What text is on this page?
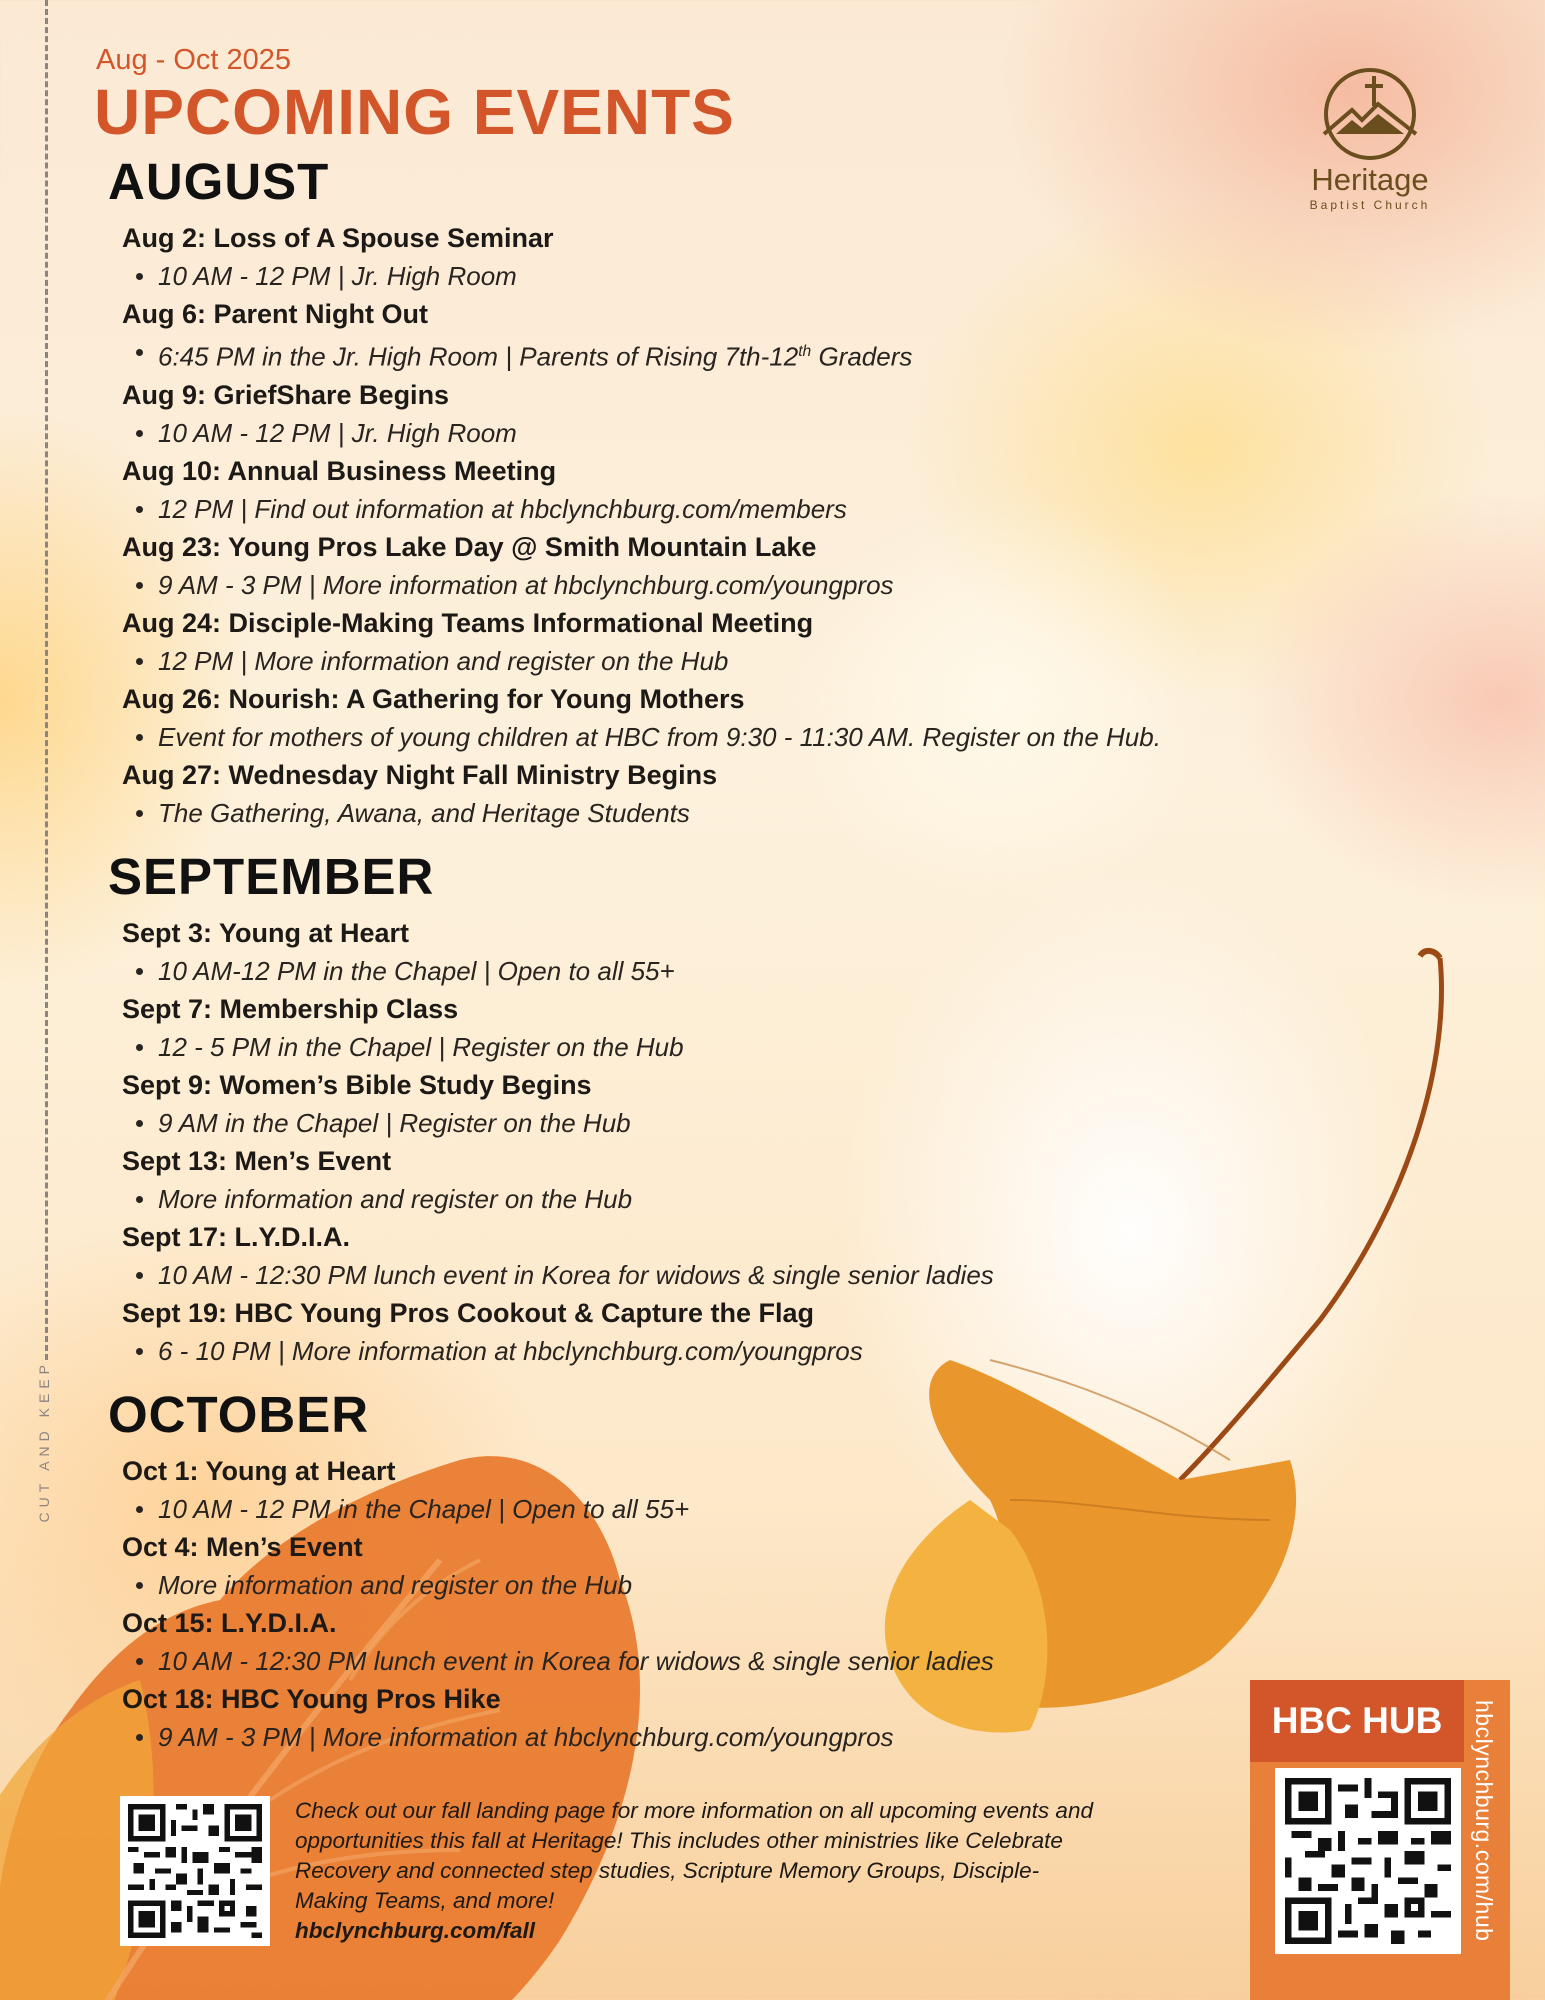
CUT AND KEEP
Aug - Oct 2025
UPCOMING EVENTS
Heritage
Baptist Church
AUGUST
Aug 2: Loss of A Spouse Seminar
10 AM - 12 PM | Jr. High Room
Aug 6: Parent Night Out
6:45 PM in the Jr. High Room | Parents of Rising 7th-12th Graders
Aug 9: GriefShare Begins
10 AM - 12 PM | Jr. High Room
Aug 10: Annual Business Meeting
12 PM | Find out information at hbclynchburg.com/members
Aug 23: Young Pros Lake Day @ Smith Mountain Lake
9 AM - 3 PM | More information at hbclynchburg.com/youngpros
Aug 24: Disciple-Making Teams Informational Meeting
12 PM | More information and register on the Hub
Aug 26: Nourish: A Gathering for Young Mothers
Event for mothers of young children at HBC from 9:30 - 11:30 AM. Register on the Hub.
Aug 27: Wednesday Night Fall Ministry Begins
The Gathering, Awana, and Heritage Students
SEPTEMBER
Sept 3: Young at Heart
10 AM-12 PM in the Chapel | Open to all 55+
Sept 7: Membership Class
12 - 5 PM in the Chapel | Register on the Hub
Sept 9: Women’s Bible Study Begins
9 AM in the Chapel | Register on the Hub
Sept 13: Men’s Event
More information and register on the Hub
Sept 17: L.Y.D.I.A.
10 AM - 12:30 PM lunch event in Korea for widows & single senior ladies
Sept 19: HBC Young Pros Cookout & Capture the Flag
6 - 10 PM | More information at hbclynchburg.com/youngpros
OCTOBER
Oct 1: Young at Heart
10 AM - 12 PM in the Chapel | Open to all 55+
Oct 4: Men’s Event
More information and register on the Hub
Oct 15: L.Y.D.I.A.
10 AM - 12:30 PM lunch event in Korea for widows & single senior ladies
Oct 18: HBC Young Pros Hike
9 AM - 3 PM | More information at hbclynchburg.com/youngpros
Check out our fall landing page for more information on all upcoming events and opportunities this fall at Heritage! This includes other ministries like Celebrate Recovery and connected step studies, Scripture Memory Groups, Disciple-Making Teams, and more!
hbclynchburg.com/fall
HBC HUB	hbclynchburg.com/hub
